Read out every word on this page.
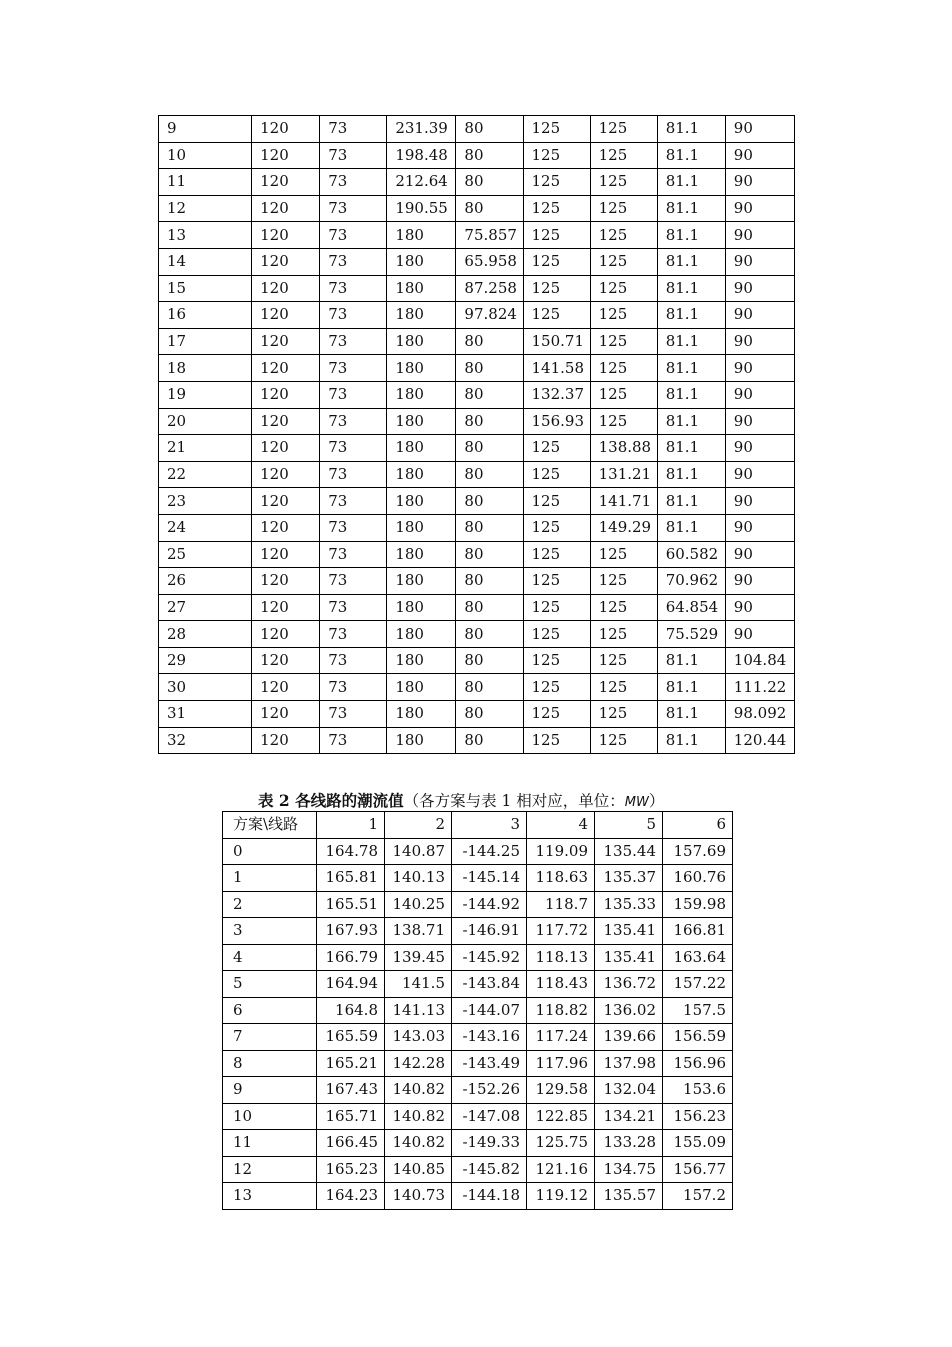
9	120	73	231.39	80	125	125	81.1	90
10	120	73	198.48	80	125	125	81.1	90
11	120	73	212.64	80	125	125	81.1	90
12	120	73	190.55	80	125	125	81.1	90
13	120	73	180	75.857	125	125	81.1	90
14	120	73	180	65.958	125	125	81.1	90
15	120	73	180	87.258	125	125	81.1	90
16	120	73	180	97.824	125	125	81.1	90
17	120	73	180	80	150.71	125	81.1	90
18	120	73	180	80	141.58	125	81.1	90
19	120	73	180	80	132.37	125	81.1	90
20	120	73	180	80	156.93	125	81.1	90
21	120	73	180	80	125	138.88	81.1	90
22	120	73	180	80	125	131.21	81.1	90
23	120	73	180	80	125	141.71	81.1	90
24	120	73	180	80	125	149.29	81.1	90
25	120	73	180	80	125	125	60.582	90
26	120	73	180	80	125	125	70.962	90
27	120	73	180	80	125	125	64.854	90
28	120	73	180	80	125	125	75.529	90
29	120	73	180	80	125	125	81.1	104.84
30	120	73	180	80	125	125	81.1	111.22
31	120	73	180	80	125	125	81.1	98.092
32	120	73	180	80	125	125	81.1	120.44
表 2 各线路的潮流值（各方案与表 1 相对应，单位：MW）
方案\线路	1	2	3	4	5	6
0	164.78	140.87	-144.25	119.09	135.44	157.69
1	165.81	140.13	-145.14	118.63	135.37	160.76
2	165.51	140.25	-144.92	118.7	135.33	159.98
3	167.93	138.71	-146.91	117.72	135.41	166.81
4	166.79	139.45	-145.92	118.13	135.41	163.64
5	164.94	141.5	-143.84	118.43	136.72	157.22
6	164.8	141.13	-144.07	118.82	136.02	157.5
7	165.59	143.03	-143.16	117.24	139.66	156.59
8	165.21	142.28	-143.49	117.96	137.98	156.96
9	167.43	140.82	-152.26	129.58	132.04	153.6
10	165.71	140.82	-147.08	122.85	134.21	156.23
11	166.45	140.82	-149.33	125.75	133.28	155.09
12	165.23	140.85	-145.82	121.16	134.75	156.77
13	164.23	140.73	-144.18	119.12	135.57	157.2
